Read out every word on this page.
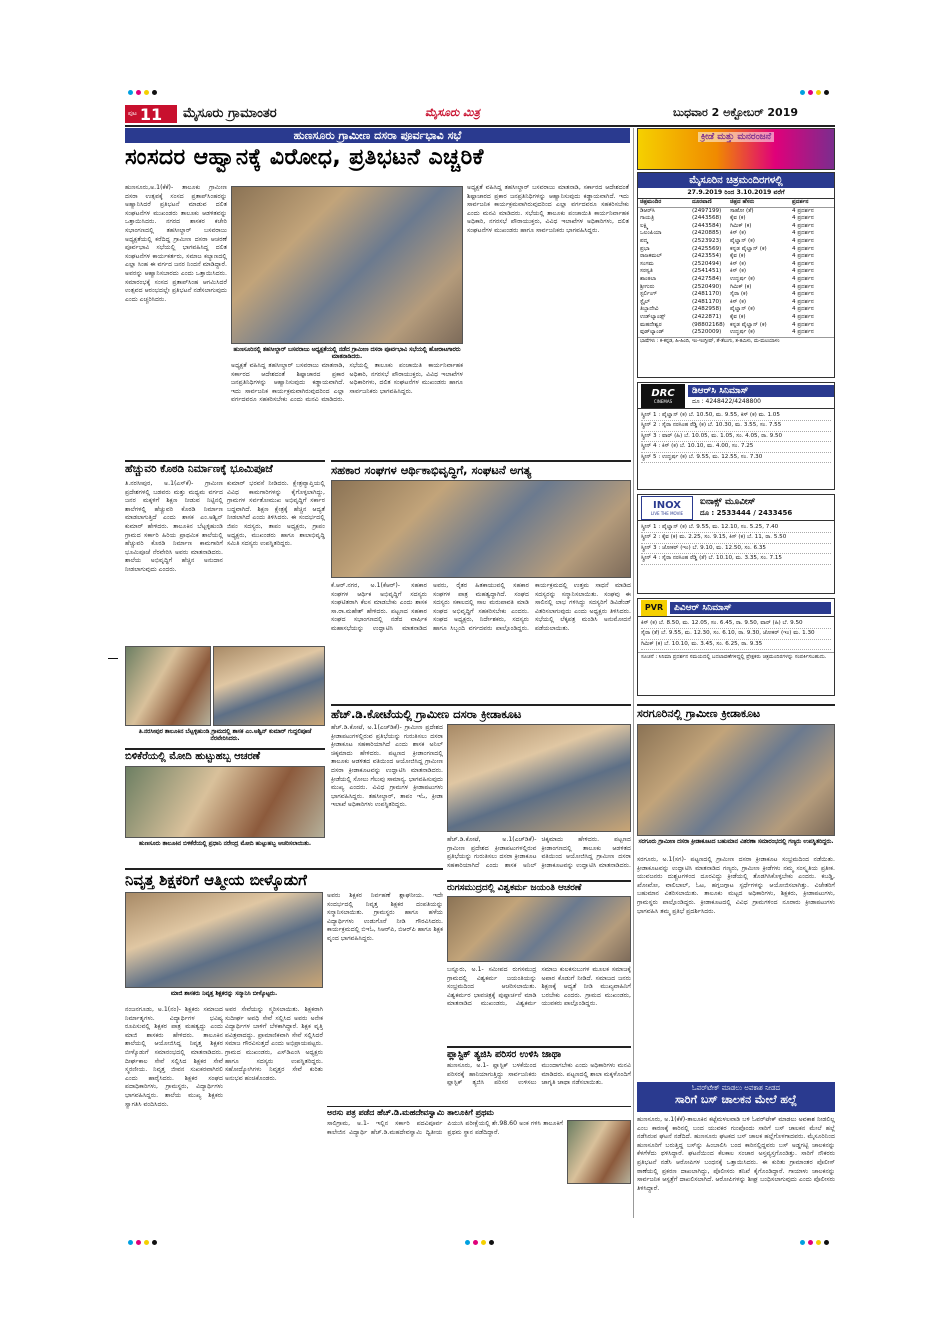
ಪುಟ 11 ಮೈಸೂರು ಗ್ರಾಮಾಂತರ	ಮೈಸೂರು ಮಿತ್ರ	ಬುಧವಾರ 2 ಅಕ್ಟೋಬರ್ 2019
ಹುಣಸೂರು ಗ್ರಾಮೀಣ ದಸರಾ ಪೂರ್ವಭಾವಿ ಸಭೆ	ಕ್ರೀಡೆ ಮತ್ತು ಮನರಂಜನೆ
ಸಂಸದರ ಆಹ್ವಾನಕ್ಕೆ ವಿರೋಧ, ಪ್ರತಿಭಟನೆ ಎಚ್ಚರಿಕೆ
ಹುಣಸೂರು,ಅ.1(ಕೆಕೆ)- ತಾಲೂಕು ಗ್ರಾಮೀಣ ದಸರಾ ಉತ್ಸವಕ್ಕೆ ಸಂಸದ ಪ್ರತಾಪ್‌ಸಿಂಹರನ್ನು ಅಹ್ವಾನಿಸಿದರೆ ಪ್ರತಿಭಟನೆ ಮಾಡುವ ದಲಿತ ಸಂಘಟನೆಗಳ ಮುಖಂಡರು ತಾಲೂಕು ಆಡಳಿತವನ್ನು ಒತ್ತಾಯಿಸಿದರು. ನಗರದ ಶಾಸಕರ ಕಚೇರಿ ಸಭಾಂಗಣದಲ್ಲಿ ತಹಸೀಲ್ದಾರ್ ಬಸವರಾಜು ಅಧ್ಯಕ್ಷತೆಯಲ್ಲಿ ಕರೆದಿದ್ದ ಗ್ರಾಮೀಣ ದಸರಾ ಆಚರಣೆ ಪೂರ್ವಭಾವಿ ಸಭೆಯಲ್ಲಿ ಭಾಗವಹಿಸಿದ್ದ ದಲಿತ ಸಂಘಟನೆಗಳ ಕಾರ್ಯಕರ್ತರು, ಸಮಾಜ ಕಲ್ಯಾಣದಲ್ಲಿ ಎಲ್ಲಾ ಸಿಂಹ ಈ ವರ್ಗದ ಜನರ ನಿಂದನೆ ಮಾಡಿದ್ದಾರೆ. ಅವರನ್ನು ಆಹ್ವಾನಿಸಬಾರದು ಎಂದು ಒತ್ತಾಯಿಸಿದರು. ಸಮಾರಂಭಕ್ಕೆ ಸಂಸದ ಪ್ರತಾಪ್‌ಸಿಂಹ ಆಗಮಿಸಿದರೆ ಉತ್ಸವದ ಆರಂಭದಲ್ಲೇ ಪ್ರತಿಭಟನೆ ನಡೆಸಲಾಗುವುದು ಎಂದು ಎಚ್ಚರಿಸಿದರು.
ಹುಣಸೂರಿನಲ್ಲಿ ತಹಸೀಲ್ದಾರ್ ಬಸವರಾಜು ಅಧ್ಯಕ್ಷತೆಯಲ್ಲಿ ನಡೆದ ಗ್ರಾಮೀಣ ದಸರಾ ಪೂರ್ವಭಾವಿ ಸಭೆಯಲ್ಲಿ ಹೋರಾಟಗಾರರು ಮಾತನಾಡಿದರು.
ಅಧ್ಯಕ್ಷತೆ ವಹಿಸಿದ್ದ ತಹಸೀಲ್ದಾರ್ ಬಸವರಾಜು ಮಾತನಾಡಿ, ಸರ್ಕಾರದ ಆದೇಶದಂತೆ ಶಿಷ್ಟಾಚಾರದ ಪ್ರಕಾರ ಜನಪ್ರತಿನಿಧಿಗಳನ್ನು ಆಹ್ವಾನಿಸುವುದು ಕಡ್ಡಾಯವಾಗಿದೆ. ಇದು ಸಾರ್ವಜನಿಕ ಕಾರ್ಯಕ್ರಮವಾಗಿರುವುದರಿಂದ ಎಲ್ಲಾ ವರ್ಗದವರೂ ಸಹಕರಿಸಬೇಕು ಎಂದು ಮನವಿ ಮಾಡಿದರು. ಸಭೆಯಲ್ಲಿ ತಾಲೂಕು ಪಂಚಾಯಿತಿ ಕಾರ್ಯನಿರ್ವಾಹಕ ಅಧಿಕಾರಿ, ನಗರಸಭೆ ಪೌರಾಯುಕ್ತರು, ವಿವಿಧ ಇಲಾಖೆಗಳ ಅಧಿಕಾರಿಗಳು, ದಲಿತ ಸಂಘಟನೆಗಳ ಮುಖಂಡರು ಹಾಗೂ ಸಾರ್ವಜನಿಕರು ಭಾಗವಹಿಸಿದ್ದರು.
ಅಧ್ಯಕ್ಷತೆ ವಹಿಸಿದ್ದ ತಹಸೀಲ್ದಾರ್ ಬಸವರಾಜು ಮಾತನಾಡಿ, ಸರ್ಕಾರದ ಆದೇಶದಂತೆ ಶಿಷ್ಟಾಚಾರದ ಪ್ರಕಾರ ಜನಪ್ರತಿನಿಧಿಗಳನ್ನು ಆಹ್ವಾನಿಸುವುದು ಕಡ್ಡಾಯವಾಗಿದೆ. ಇದು ಸಾರ್ವಜನಿಕ ಕಾರ್ಯಕ್ರಮವಾಗಿರುವುದರಿಂದ ಎಲ್ಲಾ ವರ್ಗದವರೂ ಸಹಕರಿಸಬೇಕು ಎಂದು ಮನವಿ ಮಾಡಿದರು. ಸಭೆಯಲ್ಲಿ ತಾಲೂಕು ಪಂಚಾಯಿತಿ ಕಾರ್ಯನಿರ್ವಾಹಕ ಅಧಿಕಾರಿ, ನಗರಸಭೆ ಪೌರಾಯುಕ್ತರು, ವಿವಿಧ ಇಲಾಖೆಗಳ ಅಧಿಕಾರಿಗಳು, ದಲಿತ ಸಂಘಟನೆಗಳ ಮುಖಂಡರು ಹಾಗೂ ಸಾರ್ವಜನಿಕರು ಭಾಗವಹಿಸಿದ್ದರು.
ಮೈಸೂರಿನ ಚಿತ್ರಮಂದಿರಗಳಲ್ಲಿ
27.9.2019 ರಿಂದ 3.10.2019 ವರೆಗೆ
ಚಿತ್ರಮಂದಿರ	ದೂರವಾಣಿ	ಚಿತ್ರದ ಹೆಸರು	ಪ್ರದರ್ಶನ
ಡಿಆರ್‌ಸಿ	(2497199)	ಸಾಹೋ (ತೆ)	4 ಪ್ರದರ್ಶನ
ಗಾಯತ್ರಿ	(2443568)	ಕೈವ (ಕ)	4 ಪ್ರದರ್ಶನ
ಲಕ್ಷ್ಮಿ	(2443584)	ಗಿಮಿಕ್ (ಕ)	4 ಪ್ರದರ್ಶನ
ಒಲಂಪಿಯಾ	(2420885)	ಕಿಸ್ (ಕ)	4 ಪ್ರದರ್ಶನ
ಪದ್ಮ	(2523923)	ಪೈಲ್ವಾನ್ (ಕ)	4 ಪ್ರದರ್ಶನ
ಪ್ರಭಾ	(2425569)	ಕನ್ನಡ ಪೈಲ್ವಾನ್ (ಕ)	4 ಪ್ರದರ್ಶನ
ರಾಜಕಮಲ್	(2423554)	ಕೈವ (ಕ)	4 ಪ್ರದರ್ಶನ
ಸಂಗಮ	(2520494)	ಕಿಸ್ (ಕ)	4 ಪ್ರದರ್ಶನ
ಸರಸ್ವತಿ	(2541451)	ಕಿಸ್ (ಕ)	4 ಪ್ರದರ್ಶನ
ಶಾಂತಲಾ	(2427584)	ಉದ್ಘರ್ಷ (ಕ)	4 ಪ್ರದರ್ಶನ
ಶ್ರೀಗುರು	(2520490)	ಗಿಮಿಕ್ (ಕ)	4 ಪ್ರದರ್ಶನ
ಸ್ಟರ್ಲಿಂಗ್	(2481170)	ಸೈರಾ (ಕ)	4 ಪ್ರದರ್ಶನ
ಸ್ಟೈಲ್	(2481170)	ಕಿಸ್ (ಕ)	4 ಪ್ರದರ್ಶನ
ತಿಬ್ಬಾದೇವಿ	(2482958)	ಪೈಲ್ವಾನ್ (ಕ)	4 ಪ್ರದರ್ಶನ
ಉಡ್‌ಲ್ಯಾಂಡ್ಸ್	(2422871)	ಕೈವ (ಕ)	4 ಪ್ರದರ್ಶನ
ಮಹದೇಶ್ವರ	(98802168) ಕನ್ನಡ ಪೈಲ್ವಾನ್ (ಕ)	4 ಪ್ರದರ್ಶನ
ವುಡ್‌ಲ್ಯಾಂಡ್	(2520009)	ಉದ್ಘರ್ಷ (ಕ)	4 ಪ್ರದರ್ಶನ
ಭಾಷೆಗಳು : ಕ-ಕನ್ನಡ, ಹಿ-ಹಿಂದಿ, ಇಂ-ಇಂಗ್ಲೀಷ್, ತೆ-ತೆಲುಗು, ತ-ತಮಿಳು, ಮ-ಮಲಯಾಳಂ
DRC
CINEMAS
ಡಿಆರ್‌ಸಿ ಸಿನಿಮಾಸ್
ದೂ : 4248422/4248800
ಸ್ಕ್ರೀನ್ 1 : ಪೈಲ್ವಾನ್ (ಕ) ಬೆ. 10.50, ಮ. 9.55, ಕಿಸ್ (ಕ) ಮ. 1.05
ಸ್ಕ್ರೀನ್ 2 : ಸೈರಾ ನರಸಿಂಹ ರೆಡ್ಡಿ (ಕ) ಬೆ. 10.30, ಮ. 3.55, ಸಂ. 7.55
ಸ್ಕ್ರೀನ್ 3 : ವಾರ್ (ಹಿ) ಬೆ. 10.05, ಮ. 1.05, ಸಂ. 4.05, ರಾ. 9.50
ಸ್ಕ್ರೀನ್ 4 : ಕಿಸ್ (ಕ) ಬೆ. 10.10, ಮ. 4.00, ಸಂ. 7.25
ಸ್ಕ್ರೀನ್ 5 : ಉದ್ಘರ್ಷ (ಕ) ಬೆ. 9.55, ಮ. 12.55, ಸಂ. 7.30
INOX
LIVE THE MOVIE
ಐನಾಕ್ಸ್ ಮೂವೀಸ್
ದೂ : 2533444 / 2433456
ಸ್ಕ್ರೀನ್ 1 : ಪೈಲ್ವಾನ್ (ಕ) ಬೆ. 9.55, ಮ. 12.10, ಸಂ. 5.25, 7.40
ಸ್ಕ್ರೀನ್ 2 : ಕೈವ (ಕ) ಮ. 2.25, ಸಂ. 9.15, ಕಿಸ್ (ಕ) ಬೆ. 11, ರಾ. 5.50
ಸ್ಕ್ರೀನ್ 3 : ಜೋಕರ್ (ಇಂ) ಬೆ. 9.10, ಮ. 12.50, ಸಂ. 6.35
ಸ್ಕ್ರೀನ್ 4 : ಸೈರಾ ನರಸಿಂಹ ರೆಡ್ಡಿ (ತೆ) ಬೆ. 10.10, ಮ. 3.35, ಸಂ. 7.15
PVR	ಪಿವಿಆರ್ ಸಿನಿಮಾಸ್
ಕಿಸ್ (ಕ) ಬೆ. 8.50, ಮ. 12.05, ಸಂ. 6.45, ರಾ. 9.50, ವಾರ್ (ಹಿ) ಬೆ. 9.50
ಸೈರಾ (ತೆ) ಬೆ. 9.55, ಮ. 12.30, ಸಂ. 6.10, ರಾ. 9.30, ಜೋಕರ್ (ಇಂ) ಮ. 1.30
ಗಿಮಿಕ್ (ಕ) ಬೆ. 10.10, ಮ. 3.45, ಸಂ. 6.25, ರಾ. 9.35
ಸೂಚನೆ : ಸಿನಿಮಾ ಪ್ರದರ್ಶನ ಸಮಯದಲ್ಲಿ ಬದಲಾವಣೆಗಳಿದ್ದಲ್ಲಿ ಪ್ರೇಕ್ಷಕರು ಚಿತ್ರಮಂದಿರಗಳನ್ನು ಸಂಪರ್ಕಿಸಬಹುದು.
ಹೆಚ್ಚುವರಿ ಕೊಠಡಿ ನಿರ್ಮಾಣಕ್ಕೆ ಭೂಮಿಪೂಜೆ
ತಿ.ನರಸೀಪುರ, ಅ.1(ಎಸ್‌ಕೆ)- ಗ್ರಾಮೀಣ ಪ್ರದೇಶಗಳಲ್ಲಿ ಬಡವರು ಮತ್ತು ಮಧ್ಯಮ ವರ್ಗದ ಜನರ ಮಕ್ಕಳಿಗೆ ಶಿಕ್ಷಣ ನೀಡುವ ನಿಟ್ಟಿನಲ್ಲಿ ಶಾಲೆಗಳಲ್ಲಿ ಹೆಚ್ಚುವರಿ ಕೊಠಡಿ ನಿರ್ಮಾಣ ಮಾಡಲಾಗುತ್ತಿದೆ ಎಂದು ಶಾಸಕ ಎಂ.ಅಶ್ವಿನ್ ಕುಮಾರ್ ಹೇಳಿದರು. ತಾಲೂಕಿನ ಬೆಟ್ಟಳ್ಳಿಹುಂಡಿ ಗ್ರಾಮದ ಸರ್ಕಾರಿ ಹಿರಿಯ ಪ್ರಾಥಮಿಕ ಶಾಲೆಯಲ್ಲಿ ಹೆಚ್ಚುವರಿ ಕೊಠಡಿ ನಿರ್ಮಾಣ ಕಾಮಗಾರಿಗೆ ಭೂಮಿಪೂಜೆ ನೆರವೇರಿಸಿ ಅವರು ಮಾತನಾಡಿದರು. ಶಾಲೆಯ ಅಭಿವೃದ್ಧಿಗೆ ಹೆಚ್ಚಿನ ಅನುದಾನ ನೀಡಲಾಗುವುದು ಎಂದರು.
ಕುಮಾರ್ ಭರವಸೆ ನೀಡಿದರು. ಕ್ಷೇತ್ರವ್ಯಾಪ್ತಿಯಲ್ಲಿ ವಿವಿಧ ಕಾಮಗಾರಿಗಳನ್ನು ಕೈಗೊಳ್ಳಲಾಗಿದ್ದು, ಗ್ರಾಮಗಳ ಸರ್ವತೋಮುಖ ಅಭಿವೃದ್ಧಿಗೆ ಸರ್ಕಾರ ಬದ್ಧವಾಗಿದೆ. ಶಿಕ್ಷಣ ಕ್ಷೇತ್ರಕ್ಕೆ ಹೆಚ್ಚಿನ ಆದ್ಯತೆ ನೀಡಲಾಗಿದೆ ಎಂದು ತಿಳಿಸಿದರು. ಈ ಸಂದರ್ಭದಲ್ಲಿ ಜಿಪಂ ಸದಸ್ಯರು, ತಾಪಂ ಅಧ್ಯಕ್ಷರು, ಗ್ರಾಪಂ ಅಧ್ಯಕ್ಷರು, ಮುಖಂಡರು ಹಾಗೂ ಶಾಲಾಭಿವೃದ್ಧಿ ಸಮಿತಿ ಸದಸ್ಯರು ಉಪಸ್ಥಿತರಿದ್ದರು.
ತಿ.ನರಸೀಪುರ ತಾಲೂಕಿನ ಬೆಟ್ಟಳ್ಳಿಹುಂಡಿ ಗ್ರಾಮದಲ್ಲಿ ಶಾಸಕ ಎಂ.ಅಶ್ವಿನ್ ಕುಮಾರ್ ಗುದ್ದಲಿಪೂಜೆ ನೆರವೇರಿಸಿದರು.
ಸಹಕಾರ ಸಂಘಗಳ ಆರ್ಥಿಕಾಭಿವೃದ್ಧಿಗೆ, ಸಂಘಟನೆ ಅಗತ್ಯ
ಕೆ.ಆರ್.ನಗರ, ಅ.1(ಕೆಆರ್‌)- ಸಹಕಾರ ಸಂಘಗಳ ಆರ್ಥಿಕ ಅಭಿವೃದ್ಧಿಗೆ ಸದಸ್ಯರು ಸಂಘಟಿತರಾಗಿ ಕೆಲಸ ಮಾಡಬೇಕು ಎಂದು ಶಾಸಕ ಸಾ.ರಾ.ಮಹೇಶ್ ಹೇಳಿದರು. ಪಟ್ಟಣದ ಸಹಕಾರ ಸಂಘದ ಸಭಾಂಗಣದಲ್ಲಿ ನಡೆದ ವಾರ್ಷಿಕ ಮಹಾಸಭೆಯನ್ನು ಉದ್ಘಾಟಿಸಿ ಮಾತನಾಡಿದ ಅವರು, ರೈತರ ಹಿತಕಾಯುವಲ್ಲಿ ಸಹಕಾರ ಸಂಘಗಳ ಪಾತ್ರ ಮಹತ್ವದ್ದಾಗಿದೆ. ಸಂಘದ ಸದಸ್ಯರು ಸಕಾಲದಲ್ಲಿ ಸಾಲ ಮರುಪಾವತಿ ಮಾಡಿ ಸಂಘದ ಅಭಿವೃದ್ಧಿಗೆ ಸಹಕರಿಸಬೇಕು ಎಂದರು. ಸಂಘದ ಅಧ್ಯಕ್ಷರು, ನಿರ್ದೇಶಕರು, ಸದಸ್ಯರು ಹಾಗೂ ಸಿಬ್ಬಂದಿ ವರ್ಗದವರು ಪಾಲ್ಗೊಂಡಿದ್ದರು. ಕಾರ್ಯಕ್ರಮದಲ್ಲಿ ಉತ್ತಮ ಸಾಧನೆ ಮಾಡಿದ ಸದಸ್ಯರನ್ನು ಸನ್ಮಾನಿಸಲಾಯಿತು. ಸಂಘವು ಈ ಸಾಲಿನಲ್ಲಿ ಲಾಭ ಗಳಿಸಿದ್ದು ಸದಸ್ಯರಿಗೆ ಡಿವಿಡೆಂಡ್ ವಿತರಿಸಲಾಗುವುದು ಎಂದು ಅಧ್ಯಕ್ಷರು ತಿಳಿಸಿದರು. ಸಭೆಯಲ್ಲಿ ಲೆಕ್ಕಪತ್ರ ಮಂಡಿಸಿ ಅನುಮೋದನೆ ಪಡೆಯಲಾಯಿತು.
ಹೆಚ್.ಡಿ.ಕೋಟೆಯಲ್ಲಿ ಗ್ರಾಮೀಣ ದಸರಾ ಕ್ರೀಡಾಕೂಟ
ಹೆಚ್.ಡಿ.ಕೋಟೆ, ಅ.1(ಎಚ್‌ಡಿಕೆ)- ಗ್ರಾಮೀಣ ಪ್ರದೇಶದ ಕ್ರೀಡಾಪಟುಗಳಲ್ಲಿರುವ ಪ್ರತಿಭೆಯನ್ನು ಗುರುತಿಸಲು ದಸರಾ ಕ್ರೀಡಾಕೂಟ ಸಹಕಾರಿಯಾಗಿದೆ ಎಂದು ಶಾಸಕ ಅನಿಲ್ ಚಿಕ್ಕಮಾದು ಹೇಳಿದರು. ಪಟ್ಟಣದ ಕ್ರೀಡಾಂಗಣದಲ್ಲಿ ತಾಲೂಕು ಆಡಳಿತದ ವತಿಯಿಂದ ಆಯೋಜಿಸಿದ್ದ ಗ್ರಾಮೀಣ ದಸರಾ ಕ್ರೀಡಾಕೂಟವನ್ನು ಉದ್ಘಾಟಿಸಿ ಮಾತನಾಡಿದರು. ಕ್ರೀಡೆಯಲ್ಲಿ ಸೋಲು ಗೆಲುವು ಸಾಮಾನ್ಯ. ಭಾಗವಹಿಸುವುದು ಮುಖ್ಯ ಎಂದರು. ವಿವಿಧ ಗ್ರಾಮಗಳ ಕ್ರೀಡಾಪಟುಗಳು ಭಾಗವಹಿಸಿದ್ದರು. ತಹಸೀಲ್ದಾರ್, ತಾಪಂ ಇಓ, ಕ್ರೀಡಾ ಇಲಾಖೆ ಅಧಿಕಾರಿಗಳು ಉಪಸ್ಥಿತರಿದ್ದರು.
ಹೆಚ್.ಡಿ.ಕೋಟೆ, ಅ.1(ಎಚ್‌ಡಿಕೆ)- ಗ್ರಾಮೀಣ ಪ್ರದೇಶದ ಕ್ರೀಡಾಪಟುಗಳಲ್ಲಿರುವ ಪ್ರತಿಭೆಯನ್ನು ಗುರುತಿಸಲು ದಸರಾ ಕ್ರೀಡಾಕೂಟ ಸಹಕಾರಿಯಾಗಿದೆ ಎಂದು ಶಾಸಕ ಅನಿಲ್ ಚಿಕ್ಕಮಾದು ಹೇಳಿದರು. ಪಟ್ಟಣದ ಕ್ರೀಡಾಂಗಣದಲ್ಲಿ ತಾಲೂಕು ಆಡಳಿತದ ವತಿಯಿಂದ ಆಯೋಜಿಸಿದ್ದ ಗ್ರಾಮೀಣ ದಸರಾ ಕ್ರೀಡಾಕೂಟವನ್ನು ಉದ್ಘಾಟಿಸಿ ಮಾತನಾಡಿದರು.
ಬಿಳಿಕೆರೆಯಲ್ಲಿ ಮೋದಿ ಹುಟ್ಟುಹಬ್ಬ ಆಚರಣೆ
ಹುಣಸೂರು ತಾಲೂಕಿನ ಬಿಳಿಕೆರೆಯಲ್ಲಿ ಪ್ರಧಾನಿ ನರೇಂದ್ರ ಮೋದಿ ಹುಟ್ಟುಹಬ್ಬ ಆಚರಿಸಲಾಯಿತು.
ಸರಗೂರಿನಲ್ಲಿ ಗ್ರಾಮೀಣ ಕ್ರೀಡಾಕೂಟ
ಸರಗೂರು ಗ್ರಾಮೀಣ ದಸರಾ ಕ್ರೀಡಾಕೂಟದ ಬಹುಮಾನ ವಿತರಣಾ ಸಮಾರಂಭದಲ್ಲಿ ಗಣ್ಯರು ಉಪಸ್ಥಿತರಿದ್ದರು.
ಸರಗೂರು, ಅ.1(ಸಗ)- ಪಟ್ಟಣದಲ್ಲಿ ಗ್ರಾಮೀಣ ದಸರಾ ಕ್ರೀಡಾಕೂಟ ಸಂಭ್ರಮದಿಂದ ನಡೆಯಿತು. ಕ್ರೀಡಾಕೂಟವನ್ನು ಉದ್ಘಾಟಿಸಿ ಮಾತನಾಡಿದ ಗಣ್ಯರು, ಗ್ರಾಮೀಣ ಕ್ರೀಡೆಗಳು ನಮ್ಮ ಸಂಸ್ಕೃತಿಯ ಪ್ರತೀಕ. ಯುವಜನರು ದುಶ್ಚಟಗಳಿಂದ ದೂರವಿದ್ದು ಕ್ರೀಡೆಯಲ್ಲಿ ತೊಡಗಿಸಿಕೊಳ್ಳಬೇಕು ಎಂದರು. ಕಬಡ್ಡಿ, ಖೋಖೋ, ವಾಲಿಬಾಲ್, ಓಟ, ಹಗ್ಗಜಗ್ಗಾಟ ಸ್ಪರ್ಧೆಗಳನ್ನು ಆಯೋಜಿಸಲಾಗಿತ್ತು. ವಿಜೇತರಿಗೆ ಬಹುಮಾನ ವಿತರಿಸಲಾಯಿತು. ತಾಲೂಕು ಮಟ್ಟದ ಅಧಿಕಾರಿಗಳು, ಶಿಕ್ಷಕರು, ಕ್ರೀಡಾಪಟುಗಳು, ಗ್ರಾಮಸ್ಥರು ಪಾಲ್ಗೊಂಡಿದ್ದರು. ಕ್ರೀಡಾಕೂಟದಲ್ಲಿ ವಿವಿಧ ಗ್ರಾಮಗಳಿಂದ ನೂರಾರು ಕ್ರೀಡಾಪಟುಗಳು ಭಾಗವಹಿಸಿ ತಮ್ಮ ಪ್ರತಿಭೆ ಪ್ರದರ್ಶಿಸಿದರು.
ನಿವೃತ್ತ ಶಿಕ್ಷಕರಿಗೆ ಆತ್ಮೀಯ ಬೀಳ್ಕೊಡುಗೆ
ಮಾಜಿ ಶಾಸಕರು ನಿವೃತ್ತ ಶಿಕ್ಷಕರನ್ನು ಸನ್ಮಾನಿಸಿ ಬೀಳ್ಕೊಟ್ಟರು.
ನಂಜನಗೂಡು, ಅ.1(ನಂ)- ಶಿಕ್ಷಕರು ಸಮಾಜದ ನಿರ್ಮಾತೃಗಳು. ವಿದ್ಯಾರ್ಥಿಗಳ ಭವಿಷ್ಯ ರೂಪಿಸುವಲ್ಲಿ ಶಿಕ್ಷಕರ ಪಾತ್ರ ಮಹತ್ವದ್ದು ಎಂದು ಮಾಜಿ ಶಾಸಕರು ಹೇಳಿದರು. ತಾಲೂಕಿನ ಶಾಲೆಯಲ್ಲಿ ಆಯೋಜಿಸಿದ್ದ ನಿವೃತ್ತ ಶಿಕ್ಷಕರ ಬೀಳ್ಕೊಡುಗೆ ಸಮಾರಂಭದಲ್ಲಿ ಮಾತನಾಡಿದರು. ದೀರ್ಘಕಾಲ ಸೇವೆ ಸಲ್ಲಿಸಿದ ಶಿಕ್ಷಕರ ಸೇವೆ ಸ್ಮರಣೀಯ. ನಿವೃತ್ತ ಜೀವನ ಸುಖಕರವಾಗಿರಲಿ ಎಂದು ಹಾರೈಸಿದರು. ಶಿಕ್ಷಕರ ಸಂಘದ ಪದಾಧಿಕಾರಿಗಳು, ಗ್ರಾಮಸ್ಥರು, ವಿದ್ಯಾರ್ಥಿಗಳು ಭಾಗವಹಿಸಿದ್ದರು. ಶಾಲೆಯ ಮುಖ್ಯ ಶಿಕ್ಷಕರು ಸ್ವಾಗತಿಸಿ ವಂದಿಸಿದರು.
ಅವರ ಸೇವೆಯನ್ನು ಸ್ಮರಿಸಲಾಯಿತು. ಶಿಕ್ಷಕರಾಗಿ ಸುದೀರ್ಘ ಅವಧಿ ಸೇವೆ ಸಲ್ಲಿಸಿದ ಅವರು ಅನೇಕ ವಿದ್ಯಾರ್ಥಿಗಳ ಬಾಳಿಗೆ ಬೆಳಕಾಗಿದ್ದಾರೆ. ಶಿಕ್ಷಕ ವೃತ್ತಿ ಪವಿತ್ರವಾದದ್ದು. ಪ್ರಾಮಾಣಿಕವಾಗಿ ಸೇವೆ ಸಲ್ಲಿಸಿದರೆ ಸಮಾಜ ಗೌರವಿಸುತ್ತದೆ ಎಂದು ಅಭಿಪ್ರಾಯಪಟ್ಟರು. ಗ್ರಾಮದ ಮುಖಂಡರು, ಎಸ್‌ಡಿಎಂಸಿ ಅಧ್ಯಕ್ಷರು ಹಾಗೂ ಸದಸ್ಯರು ಉಪಸ್ಥಿತರಿದ್ದರು. ಸಹೋದ್ಯೋಗಿಗಳು ನಿವೃತ್ತರ ಸೇವೆ ಕುರಿತು ಅನುಭವ ಹಂಚಿಕೊಂಡರು.
ಅವರು ಶಿಕ್ಷಕರ ನಿರ್ವಹಣೆ ಶ್ಲಾಘನೀಯ. ಇದೇ ಸಂದರ್ಭದಲ್ಲಿ ನಿವೃತ್ತ ಶಿಕ್ಷಕರ ದಂಪತಿಯನ್ನು ಸನ್ಮಾನಿಸಲಾಯಿತು. ಗ್ರಾಮಸ್ಥರು ಹಾಗೂ ಹಳೆಯ ವಿದ್ಯಾರ್ಥಿಗಳು ಉಡುಗೊರೆ ನೀಡಿ ಗೌರವಿಸಿದರು. ಕಾರ್ಯಕ್ರಮದಲ್ಲಿ ಬಿಇಓ, ಸಿಆರ್‌ಪಿ, ಬಿಆರ್‌ಪಿ ಹಾಗೂ ಶಿಕ್ಷಕ ವೃಂದ ಭಾಗವಹಿಸಿದ್ದರು.
ಅರಸು ಪತ್ರ ಪಡೆದ ಹೆಚ್.ಡಿ.ಮಹದೇವಸ್ವಾಮಿ ತಾಲೂಕಿಗೆ ಪ್ರಥಮ
ಸಾಲಿಗ್ರಾಮ, ಅ.1- ಇಲ್ಲಿನ ಸರ್ಕಾರಿ ಪದವಿಪೂರ್ವ ಕಾಲೇಜಿನ ವಿದ್ಯಾರ್ಥಿ ಹೆಚ್.ಡಿ.ಮಹದೇವಸ್ವಾಮಿ ದ್ವಿತೀಯ ಪಿಯುಸಿ ಪರೀಕ್ಷೆಯಲ್ಲಿ ಶೇ.98.60 ಅಂಕ ಗಳಿಸಿ ತಾಲೂಕಿಗೆ ಪ್ರಥಮ ಸ್ಥಾನ ಪಡೆದಿದ್ದಾರೆ.
ರುಗಸಮುದ್ರದಲ್ಲಿ ವಿಶ್ವಕರ್ಮ ಜಯಂತಿ ಆಚರಣೆ
ಬನ್ನೂರು, ಅ.1- ಸಮೀಪದ ರುಗಸಮುದ್ರ ಗ್ರಾಮದಲ್ಲಿ ವಿಶ್ವಕರ್ಮ ಜಯಂತಿಯನ್ನು ಸಂಭ್ರಮದಿಂದ ಆಚರಿಸಲಾಯಿತು. ವಿಶ್ವಕರ್ಮರ ಭಾವಚಿತ್ರಕ್ಕೆ ಪುಷ್ಪಾರ್ಚನೆ ಮಾಡಿ ಮಾತನಾಡಿದ ಮುಖಂಡರು, ವಿಶ್ವಕರ್ಮ ಸಮಾಜ ಕುಲಕಸುಬುಗಳ ಮೂಲಕ ಸಮಾಜಕ್ಕೆ ಅಪಾರ ಕೊಡುಗೆ ನೀಡಿದೆ. ಸಮಾಜದ ಜನರು ಶಿಕ್ಷಣಕ್ಕೆ ಆದ್ಯತೆ ನೀಡಿ ಮುಖ್ಯವಾಹಿನಿಗೆ ಬರಬೇಕು ಎಂದರು. ಗ್ರಾಮದ ಮುಖಂಡರು, ಯುವಕರು ಪಾಲ್ಗೊಂಡಿದ್ದರು.
ಪ್ಲಾಸ್ಟಿಕ್ ತ್ಯಜಿಸಿ ಪರಿಸರ ಉಳಿಸಿ ಜಾಥಾ
ಹುಣಸೂರು, ಅ.1- ಪ್ಲಾಸ್ಟಿಕ್ ಬಳಕೆಯಿಂದ ಪರಿಸರಕ್ಕೆ ಹಾನಿಯಾಗುತ್ತಿದ್ದು ಸಾರ್ವಜನಿಕರು ಪ್ಲಾಸ್ಟಿಕ್ ತ್ಯಜಿಸಿ ಪರಿಸರ ಉಳಿಸಲು ಮುಂದಾಗಬೇಕು ಎಂದು ಅಧಿಕಾರಿಗಳು ಮನವಿ ಮಾಡಿದರು. ಪಟ್ಟಣದಲ್ಲಿ ಶಾಲಾ ಮಕ್ಕಳೊಂದಿಗೆ ಜಾಗೃತಿ ಜಾಥಾ ನಡೆಸಲಾಯಿತು.
ಓವರ್‌ಟೇಕ್ ಮಾಡಲು ಅವಕಾಶ ನೀಡದ
ಸಾರಿಗೆ ಬಸ್ ಚಾಲಕನ ಮೇಲೆ ಹಲ್ಲೆ
ಹುಣಸೂರು, ಅ.1(ಕೆಕೆ)-ತಾಲೂಕಿನ ಕಟ್ಟೆಮಳಲವಾಡಿ ಬಳಿ ಓವರ್‌ಟೇಕ್ ಮಾಡಲು ಅವಕಾಶ ನೀಡಲಿಲ್ಲ ಎಂಬ ಕಾರಣಕ್ಕೆ ಕಾರಿನಲ್ಲಿ ಬಂದ ಯುವಕರ ಗುಂಪೊಂದು ಸಾರಿಗೆ ಬಸ್ ಚಾಲಕನ ಮೇಲೆ ಹಲ್ಲೆ ನಡೆಸಿರುವ ಘಟನೆ ನಡೆದಿದೆ. ಹುಣಸೂರು ಘಟಕದ ಬಸ್ ಚಾಲಕ ಹಲ್ಲೆಗೊಳಗಾದವರು. ಮೈಸೂರಿನಿಂದ ಹುಣಸೂರಿಗೆ ಬರುತ್ತಿದ್ದ ಬಸ್‌ನ್ನು ಹಿಂಬಾಲಿಸಿ ಬಂದ ಕಾರಿನಲ್ಲಿದ್ದವರು ಬಸ್ ಅಡ್ಡಗಟ್ಟಿ ಚಾಲಕನನ್ನು ಕೆಳಗೆಳೆದು ಥಳಿಸಿದ್ದಾರೆ. ಘಟನೆಯಿಂದ ಕೆಲಕಾಲ ಸಂಚಾರ ಅಸ್ತವ್ಯಸ್ತಗೊಂಡಿತ್ತು. ಸಾರಿಗೆ ನೌಕರರು ಪ್ರತಿಭಟನೆ ನಡೆಸಿ ಆರೋಪಿಗಳ ಬಂಧನಕ್ಕೆ ಒತ್ತಾಯಿಸಿದರು. ಈ ಕುರಿತು ಗ್ರಾಮಾಂತರ ಪೊಲೀಸ್ ಠಾಣೆಯಲ್ಲಿ ಪ್ರಕರಣ ದಾಖಲಾಗಿದ್ದು, ಪೊಲೀಸರು ತನಿಖೆ ಕೈಗೊಂಡಿದ್ದಾರೆ. ಗಾಯಾಳು ಚಾಲಕನನ್ನು ಸಾರ್ವಜನಿಕ ಆಸ್ಪತ್ರೆಗೆ ದಾಖಲಿಸಲಾಗಿದೆ. ಆರೋಪಿಗಳನ್ನು ಶೀಘ್ರ ಬಂಧಿಸಲಾಗುವುದು ಎಂದು ಪೊಲೀಸರು ತಿಳಿಸಿದ್ದಾರೆ.
